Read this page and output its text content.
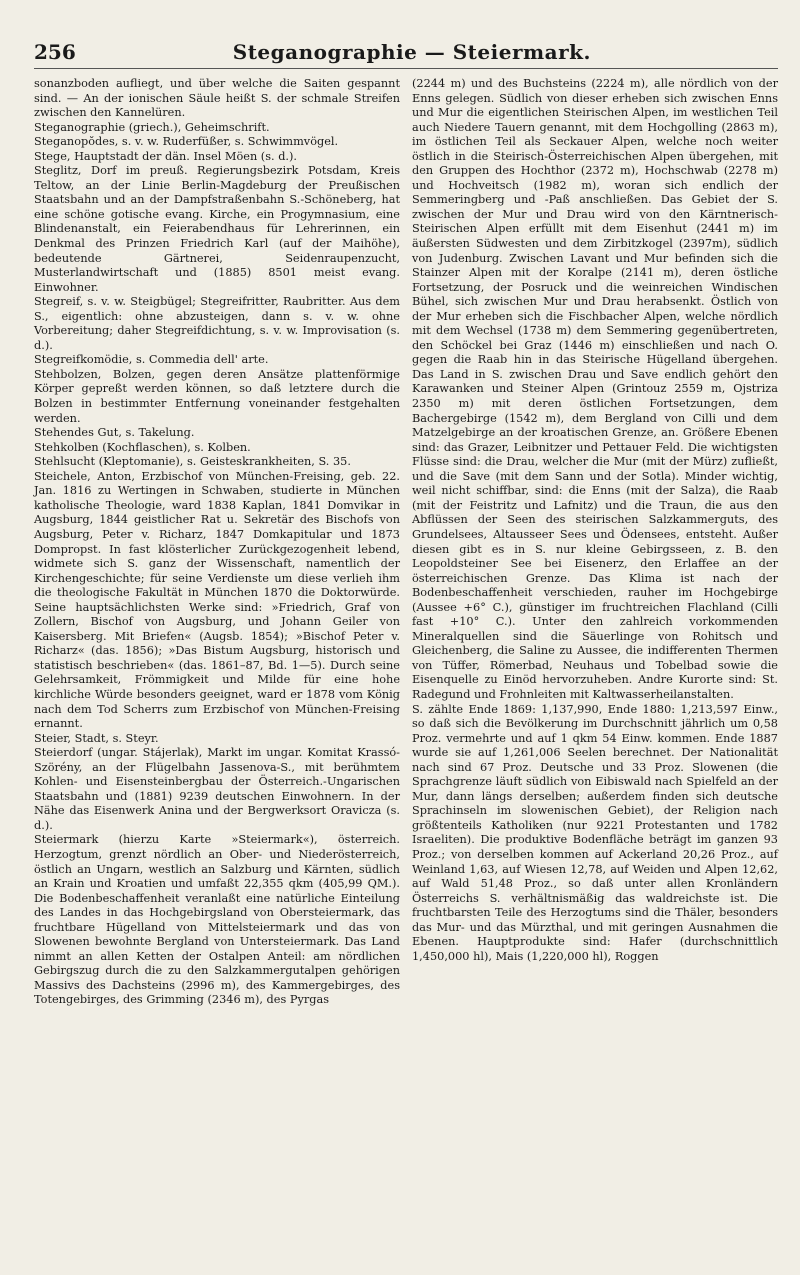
256	Steganographie — Steiermark.

sonanzboden aufliegt, und über welche die Saiten gespannt sind. — An der ionischen Säule heißt S. der schmale Streifen zwischen den Kannelüren.

Steganographie (griech.), Geheimschrift.

Steganopŏdes, s. v. w. Ruderfüßer, s. Schwimmvögel.

Stege, Hauptstadt der dän. Insel Möen (s. d.).

Steglitz, Dorf im preuß. Regierungsbezirk Potsdam, Kreis Teltow, an der Linie Berlin-Magdeburg der Preußischen Staatsbahn und an der Dampfstraßenbahn S.-Schöneberg, hat eine schöne gotische evang. Kirche, ein Progymnasium, eine Blindenanstalt, ein Feierabendhaus für Lehrerinnen, ein Denkmal des Prinzen Friedrich Karl (auf der Maihöhe), bedeutende Gärtnerei, Seidenraupenzucht, Musterlandwirtschaft und (1885) 8501 meist evang. Einwohner.

Stegreif, s. v. w. Steigbügel; Stegreifritter, Raubritter. Aus dem S., eigentlich: ohne abzusteigen, dann s. v. w. ohne Vorbereitung; daher Stegreifdichtung, s. v. w. Improvisation (s. d.).

Stegreifkomödie, s. Commedia dell' arte.

Stehbolzen, Bolzen, gegen deren Ansätze plattenförmige Körper gepreßt werden können, so daß letztere durch die Bolzen in bestimmter Entfernung voneinander festgehalten werden.

Stehendes Gut, s. Takelung.

Stehkolben (Kochflaschen), s. Kolben.

Stehlsucht (Kleptomanie), s. Geisteskrankheiten, S. 35.

Steichele, Anton, Erzbischof von München-Freising, geb. 22. Jan. 1816 zu Wertingen in Schwaben, studierte in München katholische Theologie, ward 1838 Kaplan, 1841 Domvikar in Augsburg, 1844 geistlicher Rat u. Sekretär des Bischofs von Augsburg, Peter v. Richarz, 1847 Domkapitular und 1873 Dompropst. In fast klösterlicher Zurückgezogenheit lebend, widmete sich S. ganz der Wissenschaft, namentlich der Kirchengeschichte; für seine Verdienste um diese verlieh ihm die theologische Fakultät in München 1870 die Doktorwürde. Seine hauptsächlichsten Werke sind: »Friedrich, Graf von Zollern, Bischof von Augsburg, und Johann Geiler von Kaisersberg. Mit Briefen« (Augsb. 1854); »Bischof Peter v. Richarz« (das. 1856); »Das Bistum Augsburg, historisch und statistisch beschrieben« (das. 1861–87, Bd. 1—5). Durch seine Gelehrsamkeit, Frömmigkeit und Milde für eine hohe kirchliche Würde besonders geeignet, ward er 1878 vom König nach dem Tod Scherrs zum Erzbischof von München-Freising ernannt.

Steier, Stadt, s. Steyr.

Steierdorf (ungar. Stájerlak), Markt im ungar. Komitat Krassó-Szörény, an der Flügelbahn Jassenova-S., mit berühmtem Kohlen- und Eisensteinbergbau der Österreich.-Ungarischen Staatsbahn und (1881) 9239 deutschen Einwohnern. In der Nähe das Eisenwerk Anina und der Bergwerksort Oravicza (s. d.).

Steiermark (hierzu Karte »Steiermark«), österreich. Herzogtum, grenzt nördlich an Ober- und Niederösterreich, östlich an Ungarn, westlich an Salzburg und Kärnten, südlich an Krain und Kroatien und umfaßt 22,355 qkm (405,99 QM.). Die Bodenbeschaffenheit veranlaßt eine natürliche Einteilung des Landes in das Hochgebirgsland von Obersteiermark, das fruchtbare Hügelland von Mittelsteiermark und das von Slowenen bewohnte Bergland von Untersteiermark. Das Land nimmt an allen Ketten der Ostalpen Anteil: am nördlichen Gebirgszug durch die zu den Salzkammergutalpen gehörigen Massivs des Dachsteins (2996 m), des Kammergebirges, des Totengebirges, des Grimming (2346 m), des Pyrgas

(2244 m) und des Buchsteins (2224 m), alle nördlich von der Enns gelegen. Südlich von dieser erheben sich zwischen Enns und Mur die eigentlichen Steirischen Alpen, im westlichen Teil auch Niedere Tauern genannt, mit dem Hochgolling (2863 m), im östlichen Teil als Seckauer Alpen, welche noch weiter östlich in die Steirisch-Österreichischen Alpen übergehen, mit den Gruppen des Hochthor (2372 m), Hochschwab (2278 m) und Hochveitsch (1982 m), woran sich endlich der Semmeringberg und -Paß anschließen. Das Gebiet der S. zwischen der Mur und Drau wird von den Kärntnerisch-Steirischen Alpen erfüllt mit dem Eisenhut (2441 m) im äußersten Südwesten und dem Zirbitzkogel (2397m), südlich von Judenburg. Zwischen Lavant und Mur befinden sich die Stainzer Alpen mit der Koralpe (2141 m), deren östliche Fortsetzung, der Posruck und die weinreichen Windischen Bühel, sich zwischen Mur und Drau herabsenkt. Östlich von der Mur erheben sich die Fischbacher Alpen, welche nördlich mit dem Wechsel (1738 m) dem Semmering gegenübertreten, den Schöckel bei Graz (1446 m) einschließen und nach O. gegen die Raab hin in das Steirische Hügelland übergehen. Das Land in S. zwischen Drau und Save endlich gehört den Karawanken und Steiner Alpen (Grintouz 2559 m, Ojstriza 2350 m) mit deren östlichen Fortsetzungen, dem Bachergebirge (1542 m), dem Bergland von Cilli und dem Matzelgebirge an der kroatischen Grenze, an. Größere Ebenen sind: das Grazer, Leibnitzer und Pettauer Feld. Die wichtigsten Flüsse sind: die Drau, welcher die Mur (mit der Mürz) zufließt, und die Save (mit dem Sann und der Sotla). Minder wichtig, weil nicht schiffbar, sind: die Enns (mit der Salza), die Raab (mit der Feistritz und Lafnitz) und die Traun, die aus den Abflüssen der Seen des steirischen Salzkammerguts, des Grundelsees, Altausseer Sees und Ödensees, entsteht. Außer diesen gibt es in S. nur kleine Gebirgsseen, z. B. den Leopoldsteiner See bei Eisenerz, den Erlaffee an der österreichischen Grenze. Das Klima ist nach der Bodenbeschaffenheit verschieden, rauher im Hochgebirge (Aussee +6° C.), günstiger im fruchtreichen Flachland (Cilli fast +10° C.). Unter den zahlreich vorkommenden Mineralquellen sind die Säuerlinge von Rohitsch und Gleichenberg, die Saline zu Aussee, die indifferenten Thermen von Tüffer, Römerbad, Neuhaus und Tobelbad sowie die Eisenquelle zu Einöd hervorzuheben. Andre Kurorte sind: St. Radegund und Frohnleiten mit Kaltwasserheilanstalten.

S. zählte Ende 1869: 1,137,990, Ende 1880: 1,213,597 Einw., so daß sich die Bevölkerung im Durchschnitt jährlich um 0,58 Proz. vermehrte und auf 1 qkm 54 Einw. kommen. Ende 1887 wurde sie auf 1,261,006 Seelen berechnet. Der Nationalität nach sind 67 Proz. Deutsche und 33 Proz. Slowenen (die Sprachgrenze läuft südlich von Eibiswald nach Spielfeld an der Mur, dann längs derselben; außerdem finden sich deutsche Sprachinseln im slowenischen Gebiet), der Religion nach größtenteils Katholiken (nur 9221 Protestanten und 1782 Israeliten). Die produktive Bodenfläche beträgt im ganzen 93 Proz.; von derselben kommen auf Ackerland 20,26 Proz., auf Weinland 1,63, auf Wiesen 12,78, auf Weiden und Alpen 12,62, auf Wald 51,48 Proz., so daß unter allen Kronländern Österreichs S. verhältnismäßig das waldreichste ist. Die fruchtbarsten Teile des Herzogtums sind die Thäler, besonders das Mur- und das Mürzthal, und mit geringen Ausnahmen die Ebenen. Hauptprodukte sind: Hafer (durchschnittlich 1,450,000 hl), Mais (1,220,000 hl), Roggen
